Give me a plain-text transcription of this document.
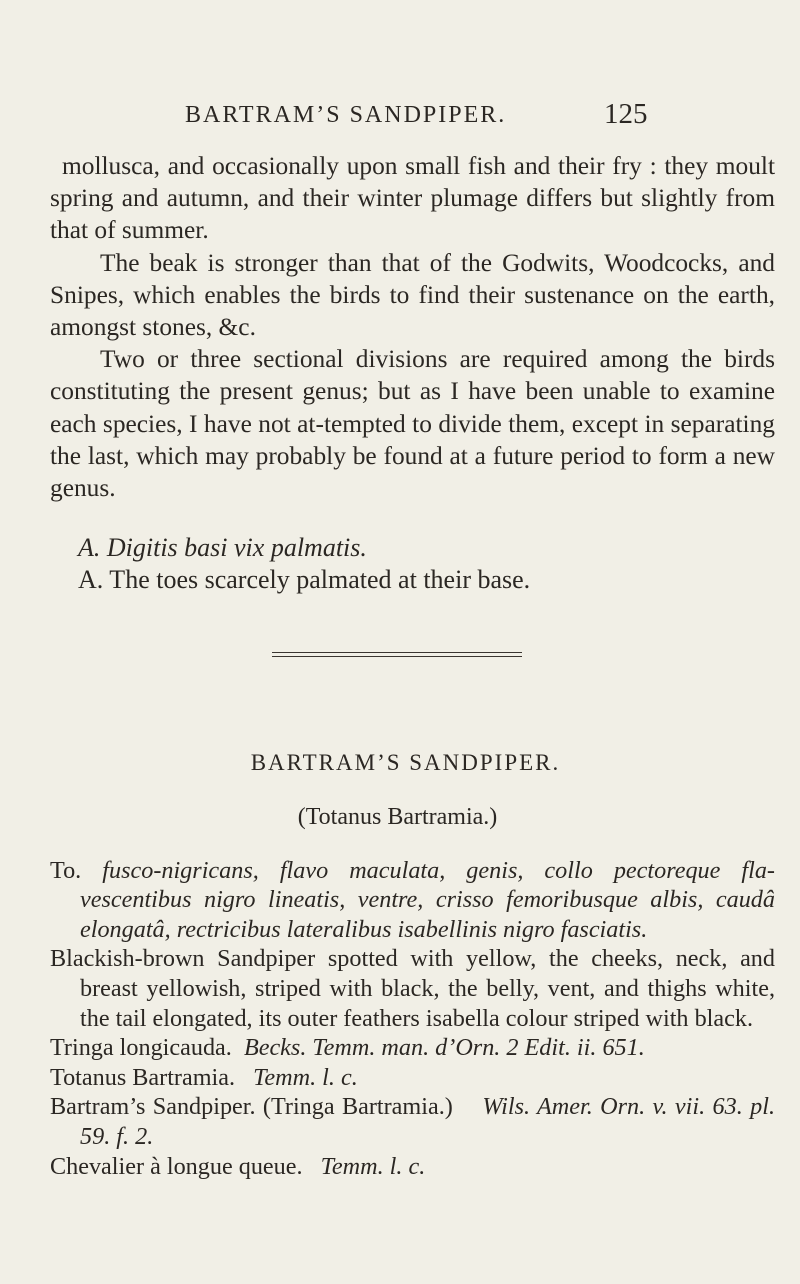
BARTRAM’S SANDPIPER.	125

mollusca, and occasionally upon small fish and their fry : they moult spring and autumn, and their winter plumage differs but slightly from that of summer.

The beak is stronger than that of the Godwits, Woodcocks, and Snipes, which enables the birds to find their sustenance on the earth, amongst stones, &c.

Two or three sectional divisions are required among the birds constituting the present genus; but as I have been unable to examine each species, I have not at-tempted to divide them, except in separating the last, which may probably be found at a future period to form a new genus.

A. Digitis basi vix palmatis.
A. The toes scarcely palmated at their base.
BARTRAM’S SANDPIPER.
(Totanus Bartramia.)

To. fusco-nigricans, flavo maculata, genis, collo pectoreque fla-vescentibus nigro lineatis, ventre, crisso femoribusque albis, caudâ elongatâ, rectricibus lateralibus isabellinis nigro fasciatis.

Blackish-brown Sandpiper spotted with yellow, the cheeks, neck, and breast yellowish, striped with black, the belly, vent, and thighs white, the tail elongated, its outer feathers isabella colour striped with black.

Tringa longicauda. Becks. Temm. man. d’Orn. 2 Edit. ii. 651.

Totanus Bartramia. Temm. l. c.

Bartram’s Sandpiper. (Tringa Bartramia.) Wils. Amer. Orn. v. vii. 63. pl. 59. f. 2.

Chevalier à longue queue. Temm. l. c.
